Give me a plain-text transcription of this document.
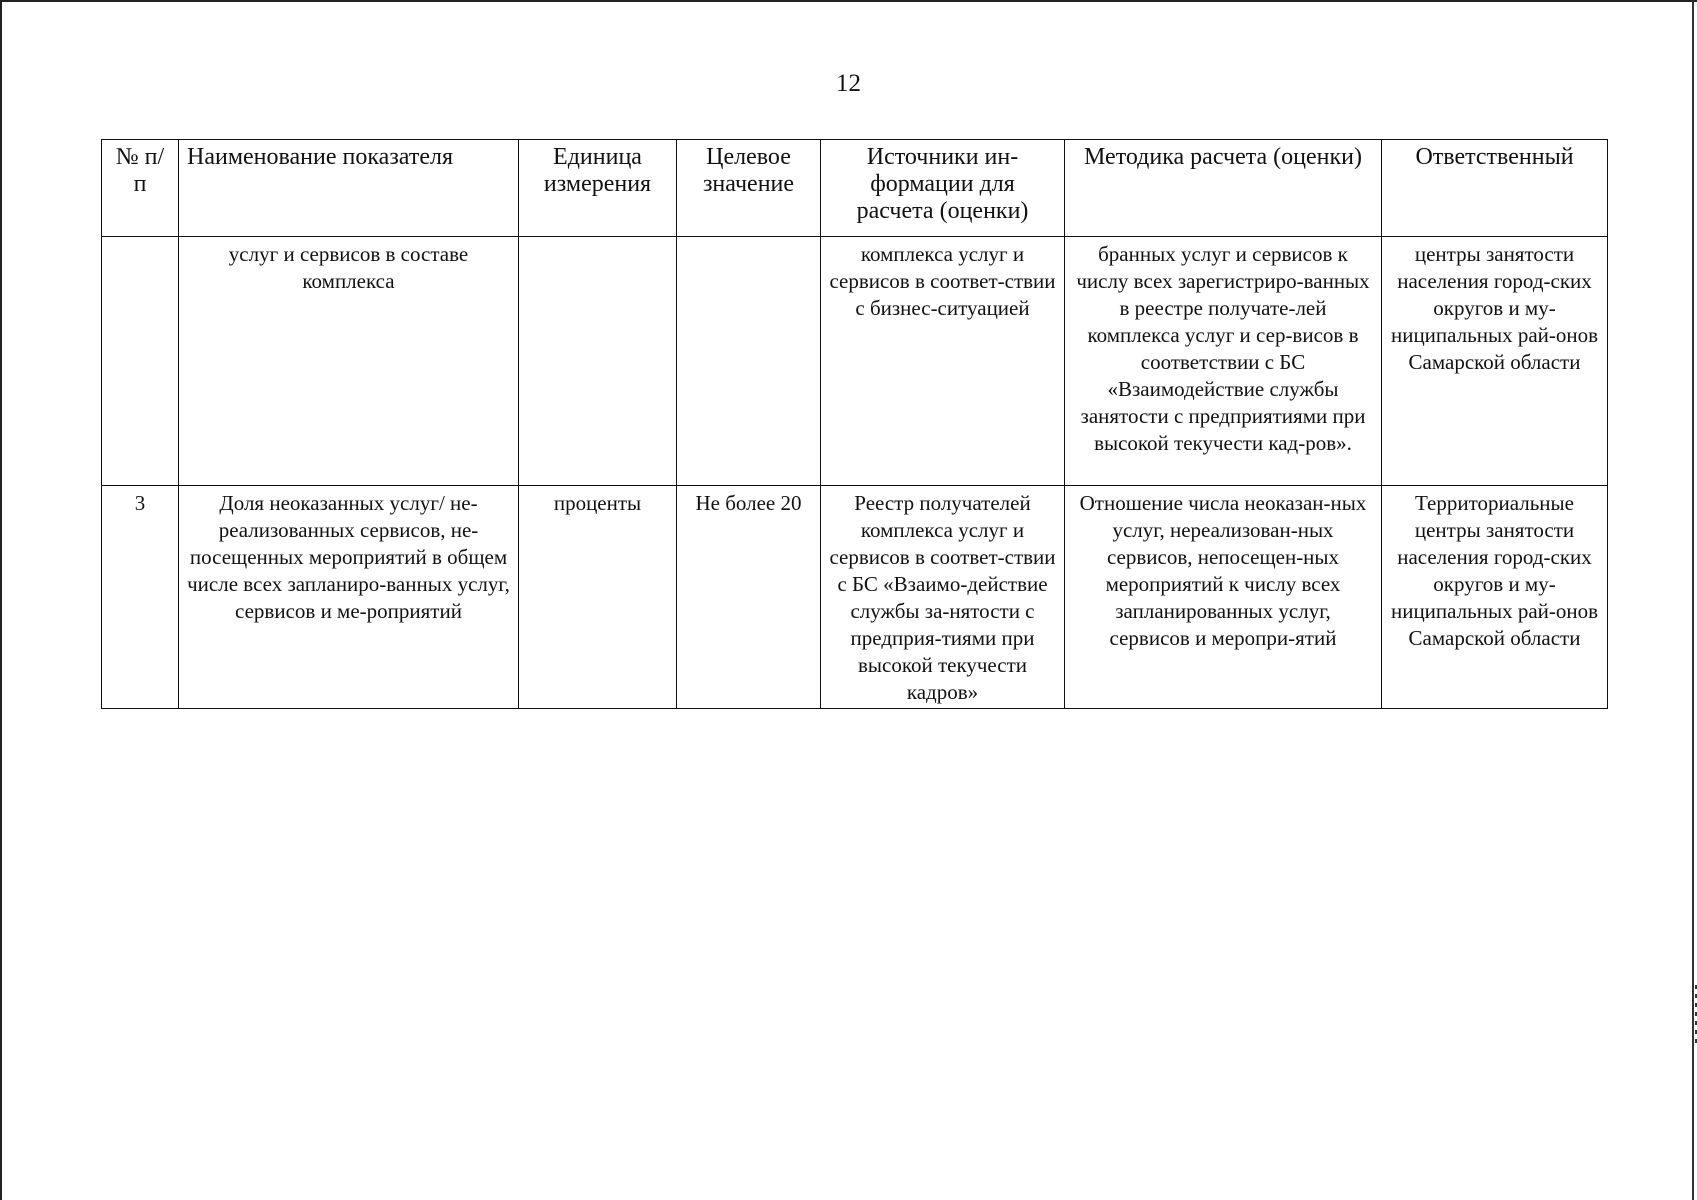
12
№ п/п	Наименование показателя	Единица измерения	Целевое значение	Источники ин-формации для расчета (оценки)	Методика расчета (оценки)	Ответственный
	услуг и сервисов в составе комплекса			комплекса услуг и сервисов в соответ-ствии с бизнес-ситуацией	бранных услуг и сервисов к числу всех зарегистриро-ванных в реестре получате-лей комплекса услуг и сер-висов в соответствии с БС «Взаимодействие службы занятости с предприятиями при высокой текучести кад-ров».	центры занятости населения город-ских округов и му-ниципальных рай-онов Самарской области
3	Доля неоказанных услуг/ не-реализованных сервисов, не-посещенных мероприятий в общем числе всех запланиро-ванных услуг, сервисов и ме-роприятий	проценты	Не более 20	Реестр получателей комплекса услуг и сервисов в соответ-ствии с БС «Взаимо-действие службы за-нятости с предприя-тиями при высокой текучести кадров»	Отношение числа неоказан-ных услуг, нереализован-ных сервисов, непосещен-ных мероприятий к числу всех запланированных услуг, сервисов и меропри-ятий	Территориальные центры занятости населения город-ских округов и му-ниципальных рай-онов Самарской области
